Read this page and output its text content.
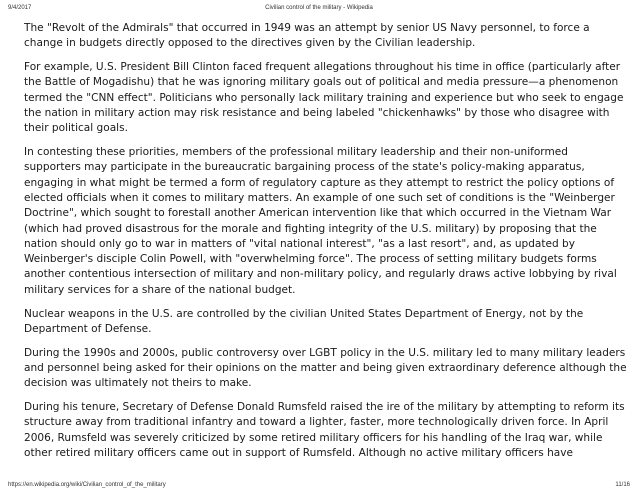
9/4/2017	Civilian control of the military - Wikipedia

The "Revolt of the Admirals" that occurred in 1949 was an attempt by senior US Navy personnel, to force a change in budgets directly opposed to the directives given by the Civilian leadership.

For example, U.S. President Bill Clinton faced frequent allegations throughout his time in office (particularly after the Battle of Mogadishu) that he was ignoring military goals out of political and media pressure—a phenomenon termed the "CNN effect". Politicians who personally lack military training and experience but who seek to engage the nation in military action may risk resistance and being labeled "chickenhawks" by those who disagree with their political goals.

In contesting these priorities, members of the professional military leadership and their non-uniformed supporters may participate in the bureaucratic bargaining process of the state's policy-making apparatus, engaging in what might be termed a form of regulatory capture as they attempt to restrict the policy options of elected officials when it comes to military matters. An example of one such set of conditions is the "Weinberger Doctrine", which sought to forestall another American intervention like that which occurred in the Vietnam War (which had proved disastrous for the morale and fighting integrity of the U.S. military) by proposing that the nation should only go to war in matters of "vital national interest", "as a last resort", and, as updated by Weinberger's disciple Colin Powell, with "overwhelming force". The process of setting military budgets forms another contentious intersection of military and non-military policy, and regularly draws active lobbying by rival military services for a share of the national budget.

Nuclear weapons in the U.S. are controlled by the civilian United States Department of Energy, not by the Department of Defense.

During the 1990s and 2000s, public controversy over LGBT policy in the U.S. military led to many military leaders and personnel being asked for their opinions on the matter and being given extraordinary deference although the decision was ultimately not theirs to make.

During his tenure, Secretary of Defense Donald Rumsfeld raised the ire of the military by attempting to reform its structure away from traditional infantry and toward a lighter, faster, more technologically driven force. In April 2006, Rumsfeld was severely criticized by some retired military officers for his handling of the Iraq war, while other retired military officers came out in support of Rumsfeld. Although no active military officers have

https://en.wikipedia.org/wiki/Civilian_control_of_the_military	11/16
